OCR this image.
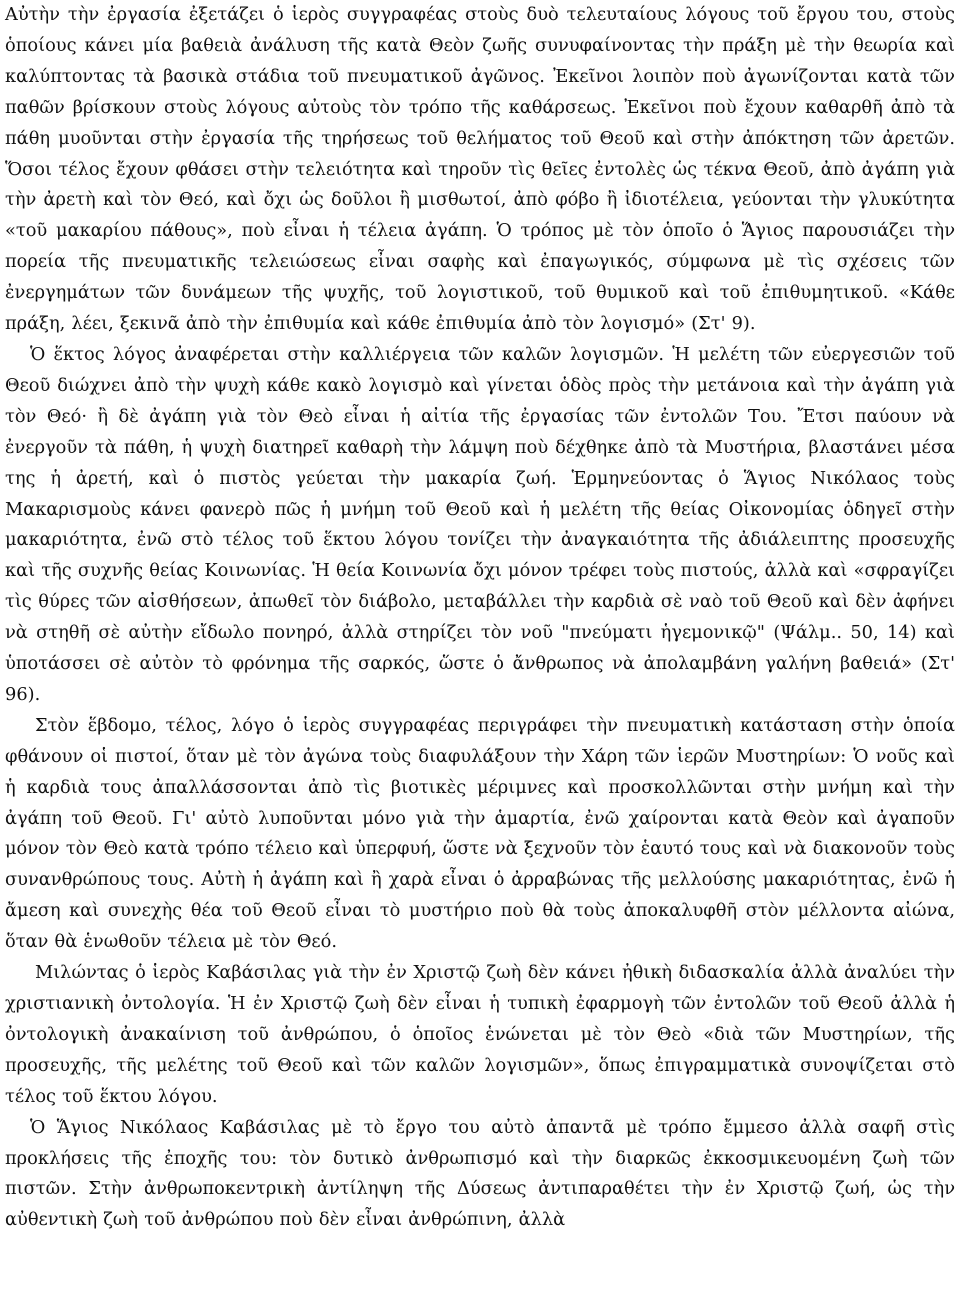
Αὐτὴν τὴν ἐργασία ἐξετάζει ὁ ἱερὸς συγγραφέας στοὺς δυὸ τελευταίους λόγους τοῦ ἔργου του, στοὺς ὁποίους κάνει μία βαθειὰ ἀνάλυση τῆς κατὰ Θεὸν ζωῆς συνυφαίνοντας τὴν πράξη μὲ τὴν θεωρία καὶ καλύπτοντας τὰ βασικὰ στάδια τοῦ πνευματικοῦ ἀγῶνος. Ἐκεῖνοι λοιπὸν ποὺ ἀγωνίζονται κατὰ τῶν παθῶν βρίσκουν στοὺς λόγους αὐτοὺς τὸν τρόπο τῆς καθάρσεως. Ἐκεῖνοι ποὺ ἔχουν καθαρθῆ ἀπὸ τὰ πάθη μυοῦνται στὴν ἐργασία τῆς τηρήσεως τοῦ θελήματος τοῦ Θεοῦ καὶ στὴν ἀπόκτηση τῶν ἀρετῶν. Ὅσοι τέλος ἔχουν φθάσει στὴν τελειότητα καὶ τηροῦν τὶς θεῖες ἐντολὲς ὡς τέκνα Θεοῦ, ἀπὸ ἀγάπη γιὰ τὴν ἀρετὴ καὶ τὸν Θεό, καὶ ὄχι ὡς δοῦλοι ἢ μισθωτοί, ἀπὸ φόβο ἢ ἰδιοτέλεια, γεύονται τὴν γλυκύτητα «τοῦ μακαρίου πάθους», ποὺ εἶναι ἡ τέλεια ἀγάπη. Ὁ τρόπος μὲ τὸν ὁποῖο ὁ Ἅγιος παρουσιάζει τὴν πορεία τῆς πνευματικῆς τελειώσεως εἶναι σαφὴς καὶ ἐπαγωγικός, σύμφωνα μὲ τὶς σχέσεις τῶν ἐνεργημάτων τῶν δυνάμεων τῆς ψυχῆς, τοῦ λογιστικοῦ, τοῦ θυμικοῦ καὶ τοῦ ἐπιθυμητικοῦ. «Κάθε πράξη, λέει, ξεκινᾶ ἀπὸ τὴν ἐπιθυμία καὶ κάθε ἐπιθυμία ἀπὸ τὸν λογισμό» (Στ' 9).

Ὁ ἕκτος λόγος ἀναφέρεται στὴν καλλιέργεια τῶν καλῶν λογισμῶν. Ἡ μελέτη τῶν εὐεργεσιῶν τοῦ Θεοῦ διώχνει ἀπὸ τὴν ψυχὴ κάθε κακὸ λογισμὸ καὶ γίνεται ὁδὸς πρὸς τὴν μετάνοια καὶ τὴν ἀγάπη γιὰ τὸν Θεό· ἢ δὲ ἀγάπη γιὰ τὸν Θεὸ εἶναι ἡ αἰτία τῆς ἐργασίας τῶν ἐντολῶν Του. Ἔτσι παύουν νὰ ἐνεργοῦν τὰ πάθη, ἡ ψυχὴ διατηρεῖ καθαρὴ τὴν λάμψη ποὺ δέχθηκε ἀπὸ τὰ Μυστήρια, βλαστάνει μέσα της ἡ ἀρετή, καὶ ὁ πιστὸς γεύεται τὴν μακαρία ζωή. Ἑρμηνεύοντας ὁ Ἅγιος Νικόλαος τοὺς Μακαρισμοὺς κάνει φανερὸ πῶς ἡ μνήμη τοῦ Θεοῦ καὶ ἡ μελέτη τῆς θείας Οἰκονομίας ὁδηγεῖ στὴν μακαριότητα, ἐνῶ στὸ τέλος τοῦ ἕκτου λόγου τονίζει τὴν ἀναγκαιότητα τῆς ἀδιάλειπτης προσευχῆς καὶ τῆς συχνῆς θείας Κοινωνίας. Ἡ θεία Κοινωνία ὄχι μόνον τρέφει τοὺς πιστούς, ἀλλὰ καὶ «σφραγίζει τὶς θύρες τῶν αἰσθήσεων, ἀπωθεῖ τὸν διάβολο, μεταβάλλει τὴν καρδιὰ σὲ ναὸ τοῦ Θεοῦ καὶ δὲν ἀφήνει νὰ στηθῆ σὲ αὐτὴν εἴδωλο πονηρό, ἀλλὰ στηρίζει τὸν νοῦ "πνεύματι ἡγεμονικῷ" (Ψάλμ.. 50, 14) καὶ ὑποτάσσει σὲ αὐτὸν τὸ φρόνημα τῆς σαρκός, ὥστε ὁ ἄνθρωπος νὰ ἀπολαμβάνη γαλήνη βαθειά» (Στ' 96).

Στὸν ἕβδομο, τέλος, λόγο ὁ ἱερὸς συγγραφέας περιγράφει τὴν πνευματικὴ κατάσταση στὴν ὁποία φθάνουν οἱ πιστοί, ὅταν μὲ τὸν ἀγώνα τοὺς διαφυλάξουν τὴν Χάρη τῶν ἱερῶν Μυστηρίων: Ὁ νοῦς καὶ ἡ καρδιὰ τους ἀπαλλάσσονται ἀπὸ τὶς βιοτικὲς μέριμνες καὶ προσκολλῶνται στὴν μνήμη καὶ τὴν ἀγάπη τοῦ Θεοῦ. Γι' αὐτὸ λυποῦνται μόνο γιὰ τὴν ἁμαρτία, ἐνῶ χαίρονται κατὰ Θεὸν καὶ ἀγαποῦν μόνον τὸν Θεὸ κατὰ τρόπο τέλειο καὶ ὑπερφυή, ὥστε νὰ ξεχνοῦν τὸν ἑαυτό τους καὶ νὰ διακονοῦν τοὺς συνανθρώπους τους. Αὐτὴ ἡ ἀγάπη καὶ ἢ χαρὰ εἶναι ὁ ἀρραβώνας τῆς μελλούσης μακαριότητας, ἐνῶ ἡ ἄμεση καὶ συνεχὴς θέα τοῦ Θεοῦ εἶναι τὸ μυστήριο ποὺ θὰ τοὺς ἀποκαλυφθῆ στὸν μέλλοντα αἰώνα, ὅταν θὰ ἑνωθοῦν τέλεια μὲ τὸν Θεό.

Μιλώντας ὁ ἱερὸς Καβάσιλας γιὰ τὴν ἐν Χριστῷ ζωὴ δὲν κάνει ἠθικὴ διδασκαλία ἀλλὰ ἀναλύει τὴν χριστιανικὴ ὀντολογία. Ἡ ἐν Χριστῷ ζωὴ δὲν εἶναι ἡ τυπικὴ ἐφαρμογὴ τῶν ἐντολῶν τοῦ Θεοῦ ἀλλὰ ἡ ὀντολογικὴ ἀνακαίνιση τοῦ ἀνθρώπου, ὁ ὁποῖος ἑνώνεται μὲ τὸν Θεὸ «διὰ τῶν Μυστηρίων, τῆς προσευχῆς, τῆς μελέτης τοῦ Θεοῦ καὶ τῶν καλῶν λογισμῶν», ὅπως ἐπιγραμματικὰ συνοψίζεται στὸ τέλος τοῦ ἕκτου λόγου.

Ὁ Ἅγιος Νικόλαος Καβάσιλας μὲ τὸ ἔργο του αὐτὸ ἀπαντᾶ μὲ τρόπο ἔμμεσο ἀλλὰ σαφῆ στὶς προκλήσεις τῆς ἐποχῆς του: τὸν δυτικὸ ἀνθρωπισμό καὶ τὴν διαρκῶς ἐκκοσμικευομένη ζωὴ τῶν πιστῶν. Στὴν ἀνθρωποκεντρικὴ ἀντίληψη τῆς Δύσεως ἀντιπαραθέτει τὴν ἐν Χριστῷ ζωή, ὡς τὴν αὐθεντικὴ ζωὴ τοῦ ἀνθρώπου ποὺ δὲν εἶναι ἀνθρώπινη, ἀλλὰ
